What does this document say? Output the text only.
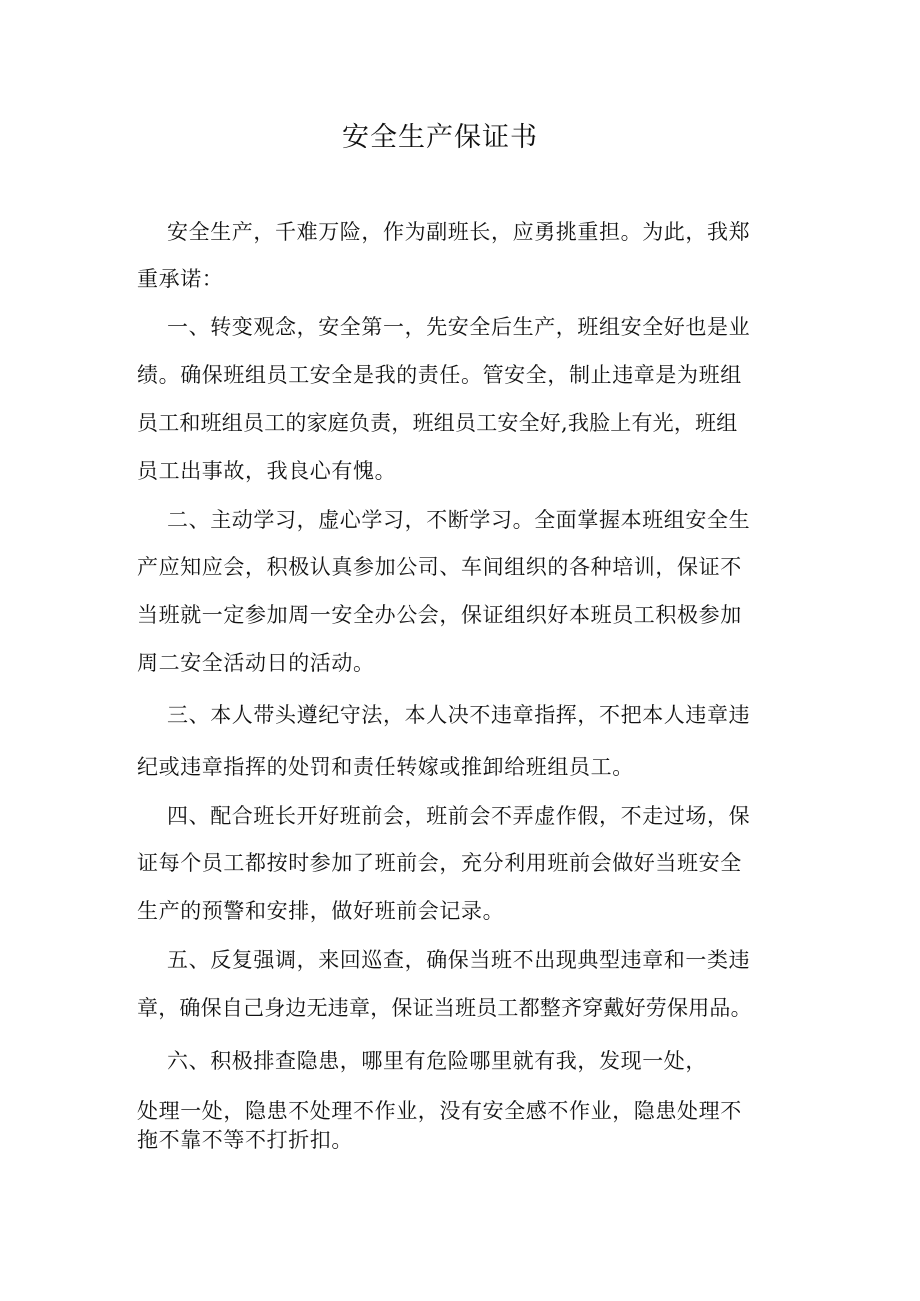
安全生产保证书

安全生产，千难万险，作为副班长，应勇挑重担。为此，我郑

重承诺：

一、转变观念，安全第一，先安全后生产，班组安全好也是业

绩。确保班组员工安全是我的责任。管安全，制止违章是为班组

员工和班组员工的家庭负责，班组员工安全好,我脸上有光，班组

员工出事故，我良心有愧。

二、主动学习，虚心学习，不断学习。全面掌握本班组安全生

产应知应会，积极认真参加公司、车间组织的各种培训，保证不

当班就一定参加周一安全办公会，保证组织好本班员工积极参加

周二安全活动日的活动。

三、本人带头遵纪守法，本人决不违章指挥，不把本人违章违

纪或违章指挥的处罚和责任转嫁或推卸给班组员工。

四、配合班长开好班前会，班前会不弄虚作假，不走过场，保

证每个员工都按时参加了班前会，充分利用班前会做好当班安全

生产的预警和安排，做好班前会记录。

五、反复强调，来回巡查，确保当班不出现典型违章和一类违

章，确保自己身边无违章，保证当班员工都整齐穿戴好劳保用品。

六、积极排查隐患，哪里有危险哪里就有我，发现一处，

处理一处，隐患不处理不作业，没有安全感不作业，隐患处理不

拖不靠不等不打折扣。
